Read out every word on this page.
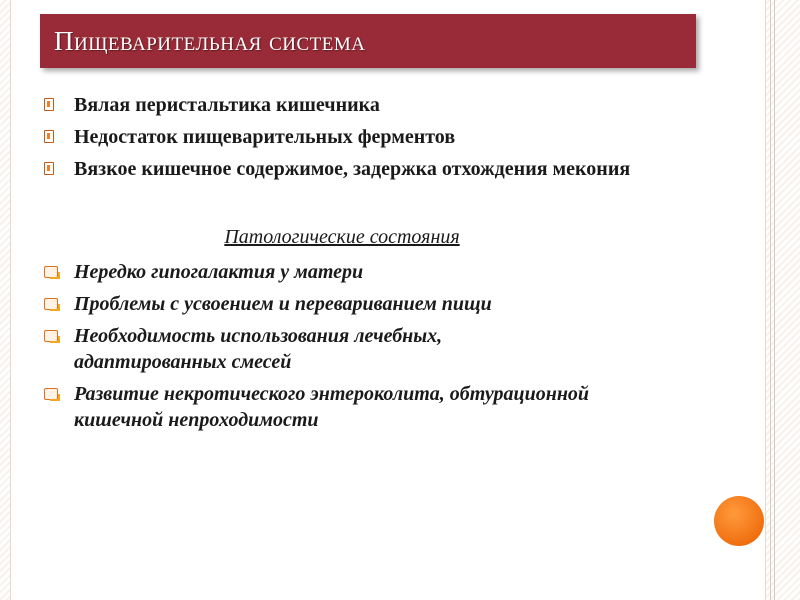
Пищеварительная система
Вялая перистальтика кишечника
Недостаток пищеварительных ферментов
Вязкое кишечное содержимое, задержка отхождения мекония
Патологические состояния
Нередко гипогалактия у матери
Проблемы с усвоением и перевариванием пищи
Необходимость использования лечебных, адаптированных смесей
Развитие некротического энтероколита, обтурационной кишечной непроходимости
